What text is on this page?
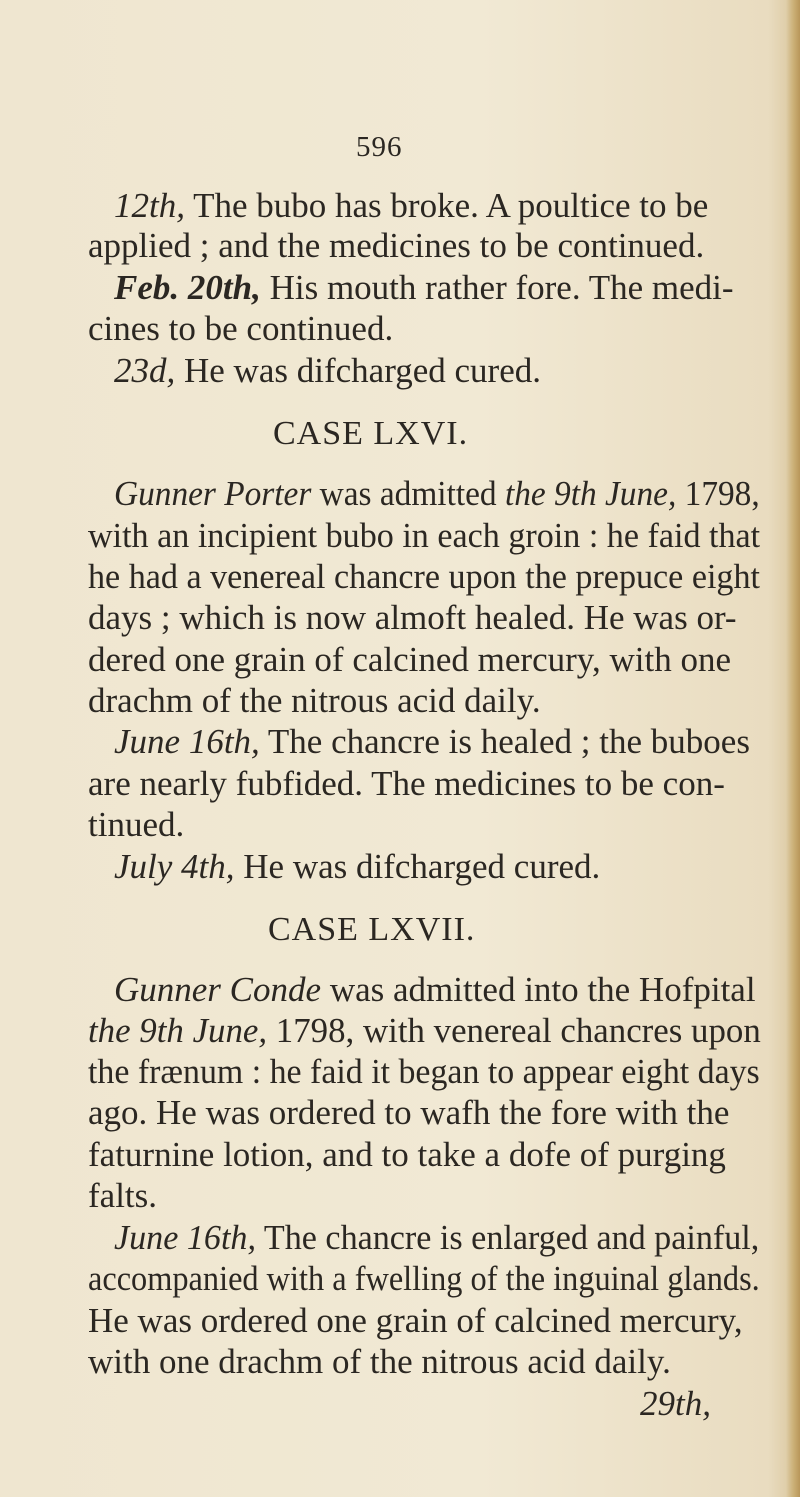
596
12th, The bubo has broke. A poultice to be
applied ; and the medicines to be continued.
Feb. 20th, His mouth rather fore. The medi-
cines to be continued.
23d, He was difcharged cured.
CASE LXVI.
Gunner Porter was admitted the 9th June, 1798,
with an incipient bubo in each groin : he faid that
he had a venereal chancre upon the prepuce eight
days ; which is now almoft healed. He was or-
dered one grain of calcined mercury, with one
drachm of the nitrous acid daily.
June 16th, The chancre is healed ; the buboes
are nearly fubfided. The medicines to be con-
tinued.
July 4th, He was difcharged cured.
CASE LXVII.
Gunner Conde was admitted into the Hofpital
the 9th June, 1798, with venereal chancres upon
the frænum : he faid it began to appear eight days
ago. He was ordered to wafh the fore with the
faturnine lotion, and to take a dofe of purging
falts.
June 16th, The chancre is enlarged and painful,
accompanied with a fwelling of the inguinal glands.
He was ordered one grain of calcined mercury,
with one drachm of the nitrous acid daily.
29th,
